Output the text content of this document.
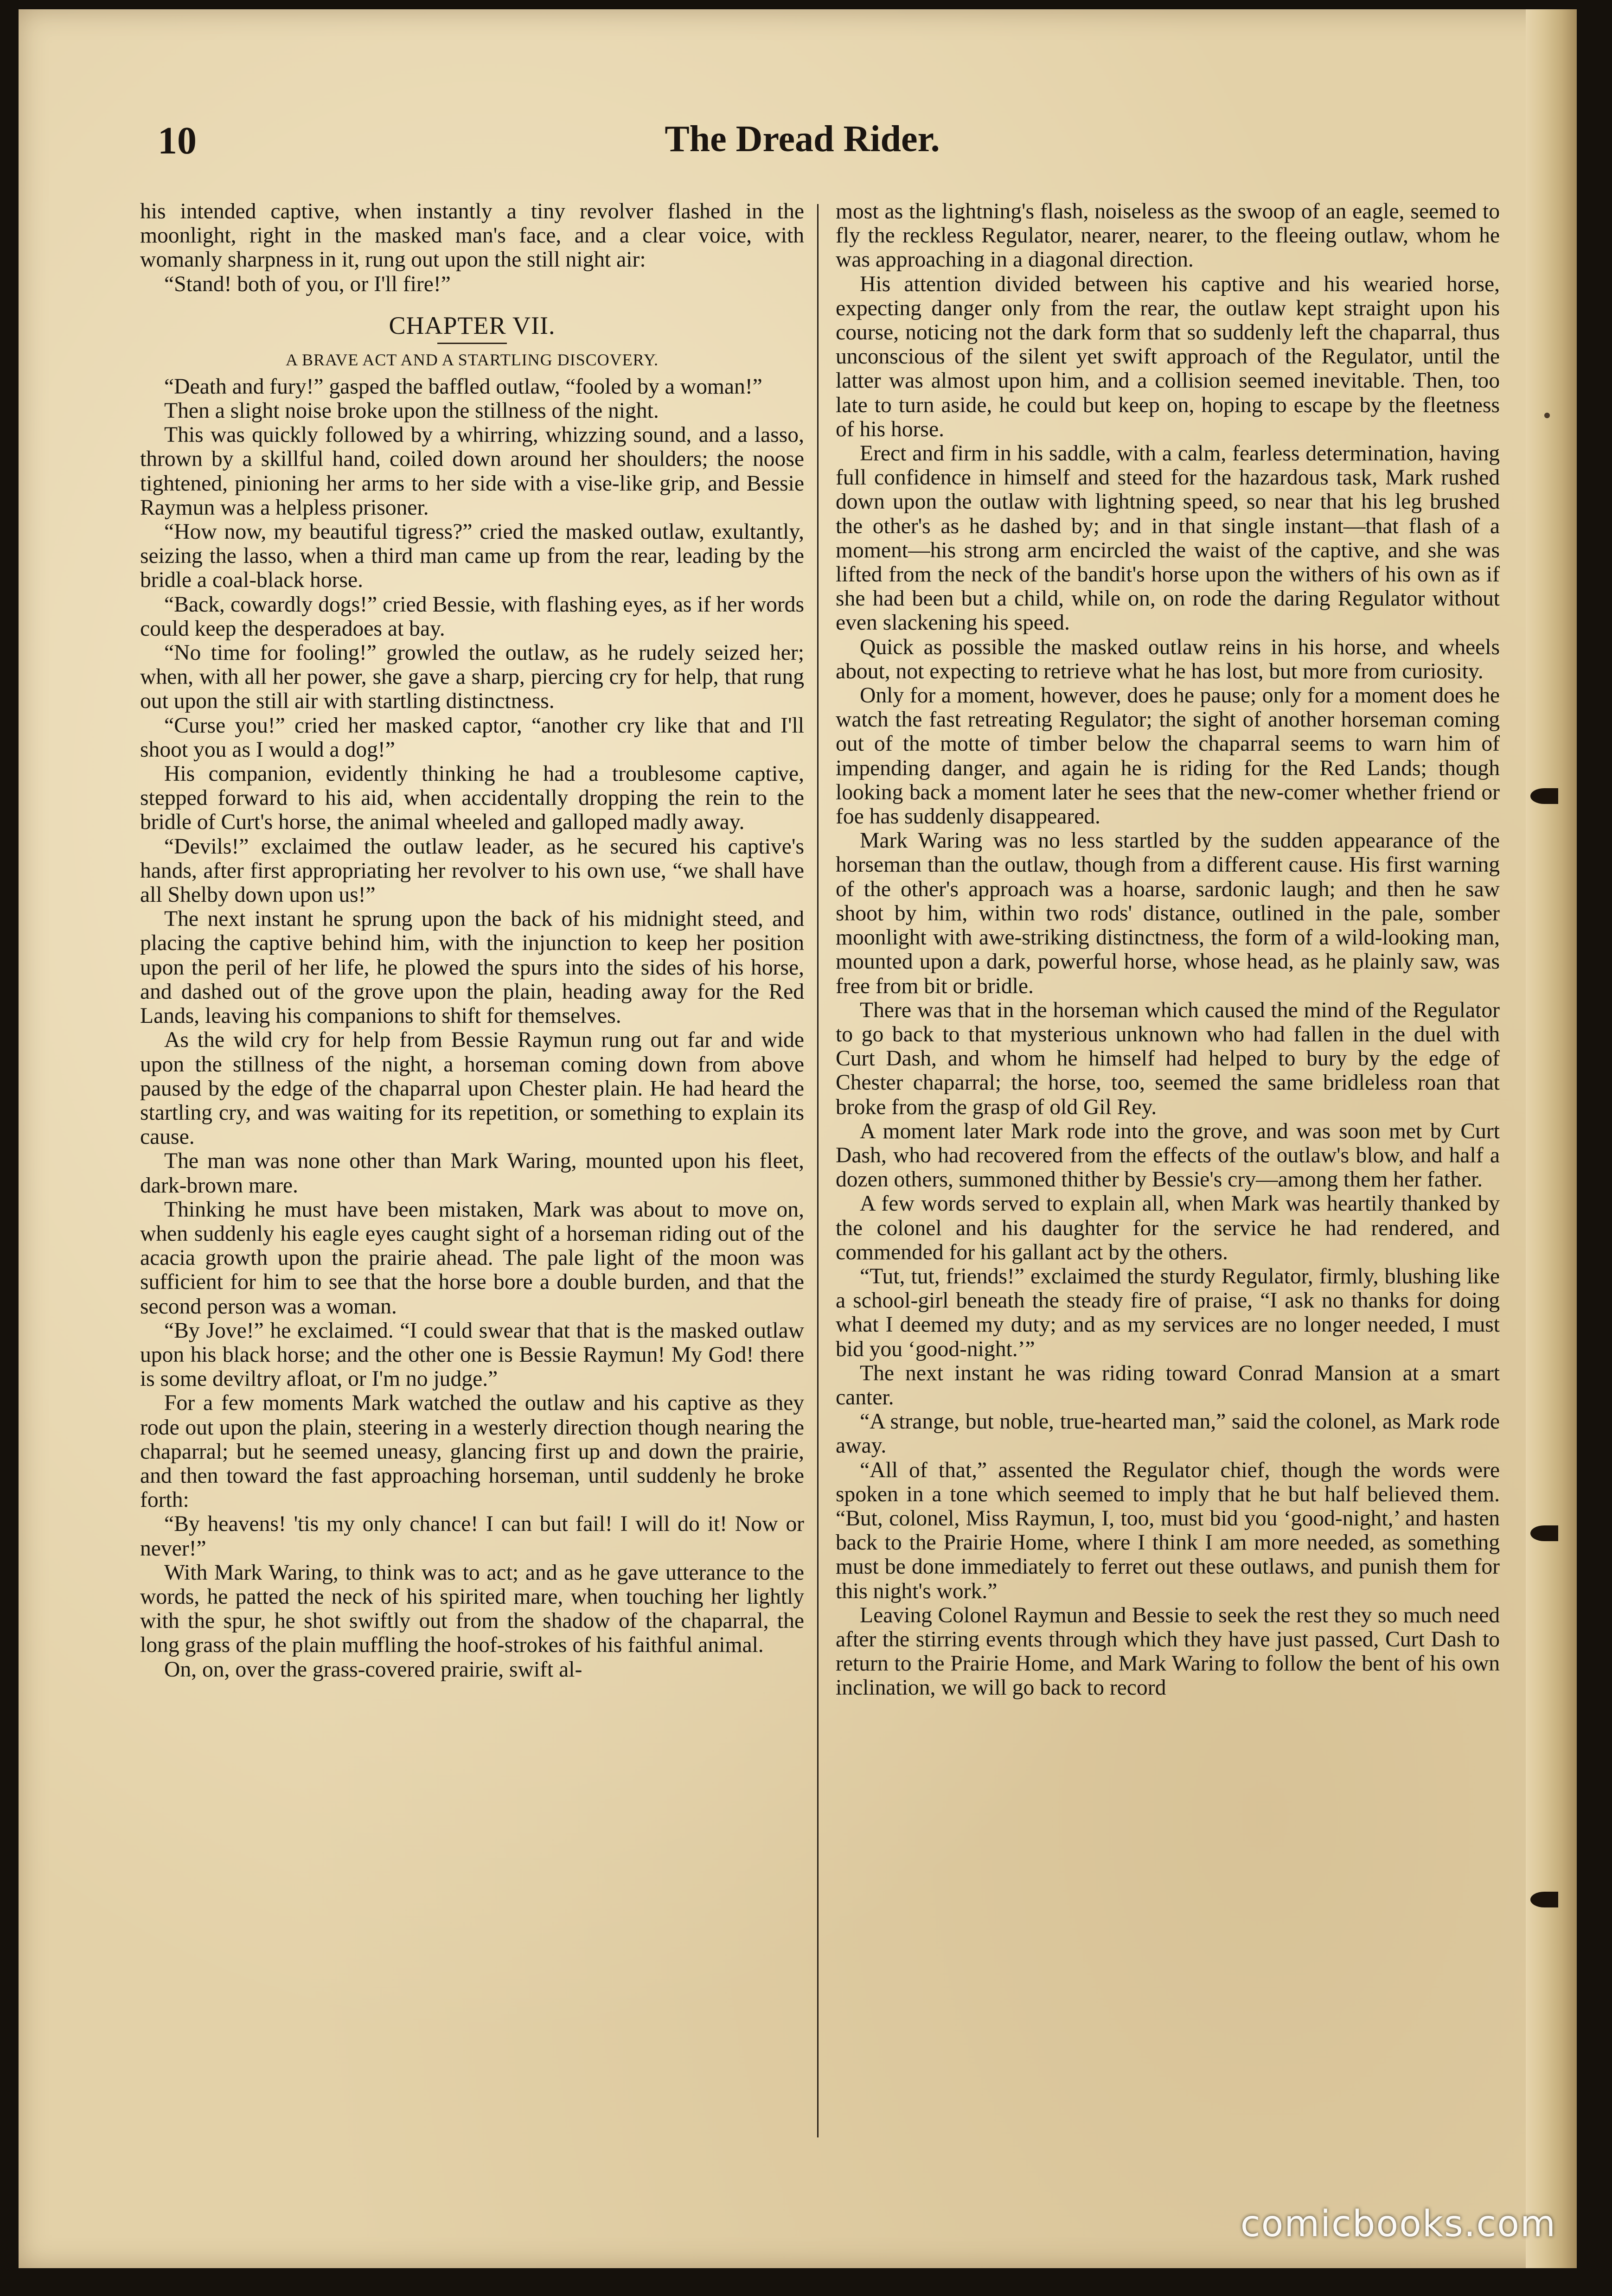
10	The Dread Rider.

his intended captive, when instantly a tiny revolver flashed in the moonlight, right in the masked man's face, and a clear voice, with womanly sharpness in it, rung out upon the still night air:

“Stand! both of you, or I'll fire!”

CHAPTER VII.
A BRAVE ACT AND A STARTLING DISCOVERY.

“Death and fury!” gasped the baffled outlaw, “fooled by a woman!”

Then a slight noise broke upon the stillness of the night.

This was quickly followed by a whirring, whizzing sound, and a lasso, thrown by a skillful hand, coiled down around her shoulders; the noose tightened, pinioning her arms to her side with a vise-like grip, and Bessie Raymun was a helpless prisoner.

“How now, my beautiful tigress?” cried the masked outlaw, exultantly, seizing the lasso, when a third man came up from the rear, leading by the bridle a coal-black horse.

“Back, cowardly dogs!” cried Bessie, with flashing eyes, as if her words could keep the desperadoes at bay.

“No time for fooling!” growled the outlaw, as he rudely seized her; when, with all her power, she gave a sharp, piercing cry for help, that rung out upon the still air with startling distinctness.

“Curse you!” cried her masked captor, “another cry like that and I'll shoot you as I would a dog!”

His companion, evidently thinking he had a troublesome captive, stepped forward to his aid, when accidentally dropping the rein to the bridle of Curt's horse, the animal wheeled and galloped madly away.

“Devils!” exclaimed the outlaw leader, as he secured his captive's hands, after first appropriating her revolver to his own use, “we shall have all Shelby down upon us!”

The next instant he sprung upon the back of his midnight steed, and placing the captive behind him, with the injunction to keep her position upon the peril of her life, he plowed the spurs into the sides of his horse, and dashed out of the grove upon the plain, heading away for the Red Lands, leaving his companions to shift for themselves.

As the wild cry for help from Bessie Raymun rung out far and wide upon the stillness of the night, a horseman coming down from above paused by the edge of the chaparral upon Chester plain. He had heard the startling cry, and was waiting for its repetition, or something to explain its cause.

The man was none other than Mark Waring, mounted upon his fleet, dark-brown mare.

Thinking he must have been mistaken, Mark was about to move on, when suddenly his eagle eyes caught sight of a horseman riding out of the acacia growth upon the prairie ahead. The pale light of the moon was sufficient for him to see that the horse bore a double burden, and that the second person was a woman.

“By Jove!” he exclaimed. “I could swear that that is the masked outlaw upon his black horse; and the other one is Bessie Raymun! My God! there is some deviltry afloat, or I'm no judge.”

For a few moments Mark watched the outlaw and his captive as they rode out upon the plain, steering in a westerly direction though nearing the chaparral; but he seemed uneasy, glancing first up and down the prairie, and then toward the fast approaching horseman, until suddenly he broke forth:

“By heavens! 'tis my only chance! I can but fail! I will do it! Now or never!”

With Mark Waring, to think was to act; and as he gave utterance to the words, he patted the neck of his spirited mare, when touching her lightly with the spur, he shot swiftly out from the shadow of the chaparral, the long grass of the plain muffling the hoof-strokes of his faithful animal.

On, on, over the grass-covered prairie, swift al-

most as the lightning's flash, noiseless as the swoop of an eagle, seemed to fly the reckless Regulator, nearer, nearer, to the fleeing outlaw, whom he was approaching in a diagonal direction.

His attention divided between his captive and his wearied horse, expecting danger only from the rear, the outlaw kept straight upon his course, noticing not the dark form that so suddenly left the chaparral, thus unconscious of the silent yet swift approach of the Regulator, until the latter was almost upon him, and a collision seemed inevitable. Then, too late to turn aside, he could but keep on, hoping to escape by the fleetness of his horse.

Erect and firm in his saddle, with a calm, fearless determination, having full confidence in himself and steed for the hazardous task, Mark rushed down upon the outlaw with lightning speed, so near that his leg brushed the other's as he dashed by; and in that single instant—that flash of a moment—his strong arm encircled the waist of the captive, and she was lifted from the neck of the bandit's horse upon the withers of his own as if she had been but a child, while on, on rode the daring Regulator without even slackening his speed.

Quick as possible the masked outlaw reins in his horse, and wheels about, not expecting to retrieve what he has lost, but more from curiosity.

Only for a moment, however, does he pause; only for a moment does he watch the fast retreating Regulator; the sight of another horseman coming out of the motte of timber below the chaparral seems to warn him of impending danger, and again he is riding for the Red Lands; though looking back a moment later he sees that the new-comer whether friend or foe has suddenly disappeared.

Mark Waring was no less startled by the sudden appearance of the horseman than the outlaw, though from a different cause. His first warning of the other's approach was a hoarse, sardonic laugh; and then he saw shoot by him, within two rods' distance, outlined in the pale, somber moonlight with awe-striking distinctness, the form of a wild-looking man, mounted upon a dark, powerful horse, whose head, as he plainly saw, was free from bit or bridle.

There was that in the horseman which caused the mind of the Regulator to go back to that mysterious unknown who had fallen in the duel with Curt Dash, and whom he himself had helped to bury by the edge of Chester chaparral; the horse, too, seemed the same bridleless roan that broke from the grasp of old Gil Rey.

A moment later Mark rode into the grove, and was soon met by Curt Dash, who had recovered from the effects of the outlaw's blow, and half a dozen others, summoned thither by Bessie's cry—among them her father.

A few words served to explain all, when Mark was heartily thanked by the colonel and his daughter for the service he had rendered, and commended for his gallant act by the others.

“Tut, tut, friends!” exclaimed the sturdy Regulator, firmly, blushing like a school-girl beneath the steady fire of praise, “I ask no thanks for doing what I deemed my duty; and as my services are no longer needed, I must bid you ‘good-night.’”

The next instant he was riding toward Conrad Mansion at a smart canter.

“A strange, but noble, true-hearted man,” said the colonel, as Mark rode away.

“All of that,” assented the Regulator chief, though the words were spoken in a tone which seemed to imply that he but half believed them. “But, colonel, Miss Raymun, I, too, must bid you ‘good-night,’ and hasten back to the Prairie Home, where I think I am more needed, as something must be done immediately to ferret out these outlaws, and punish them for this night's work.”

Leaving Colonel Raymun and Bessie to seek the rest they so much need after the stirring events through which they have just passed, Curt Dash to return to the Prairie Home, and Mark Waring to follow the bent of his own inclination, we will go back to record

comicbooks.com
